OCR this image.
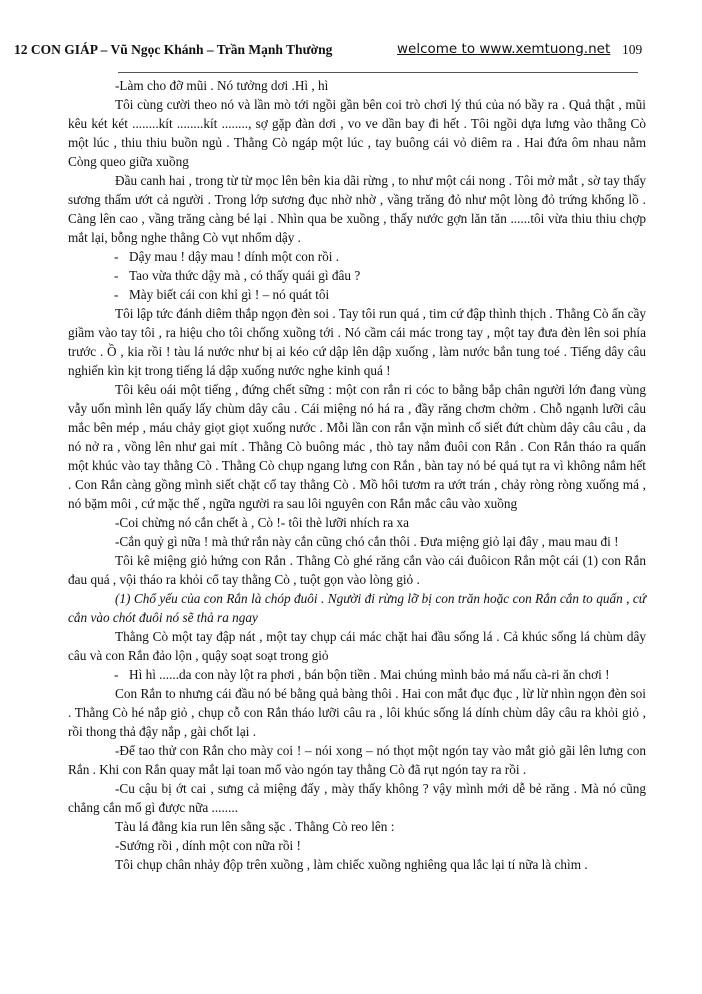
12 CON GIÁP – Vũ Ngọc Khánh – Trần Mạnh Thường	welcome to www.xemtuong.net 109

-Làm cho đỡ mũi . Nó tưởng dơi .Hì , hì

Tôi cùng cười theo nó và lần mò tới ngồi gần bên coi trò chơi lý thú của nó bầy ra . Quả thật , mũi kêu két két ........kít ........kít ........, sợ gặp đàn dơi , vo ve dần bay đi hết . Tôi ngồi dựa lưng vào thằng Cò một lúc , thiu thiu buồn ngủ . Thằng Cò ngáp một lúc , tay buông cái vỏ diêm ra . Hai đứa ôm nhau nằm Còng queo giữa xuồng

Đầu canh hai , trong từ từ mọc lên bên kia dãi rừng , to như một cái nong . Tôi mở mắt , sờ tay thấy sương thấm ướt cả người . Trong lớp sương đục nhờ nhờ , vầng trăng đỏ như một lòng đỏ trứng khổng lồ . Càng lên cao , vầng trăng càng bé lại . Nhìn qua be xuồng , thấy nước gợn lăn tăn ......tôi vừa thiu thiu chợp mắt lại, bỗng nghe thằng Cò vụt nhổm dậy .

- Dậy mau ! dậy mau ! dính một con rồi .

- Tao vừa thức dậy mà , có thấy quái gì đâu ?

- Mày biết cái con khỉ gì ! – nó quát tôi

Tôi lập tức đánh diêm thắp ngọn đèn soi . Tay tôi run quá , tim cứ đập thình thịch . Thằng Cò ấn cầy giầm vào tay tôi , ra hiệu cho tôi chống xuồng tới . Nó cầm cái mác trong tay , một tay đưa đèn lên soi phía trước . Ồ , kia rồi ! tàu lá nước như bị ai kéo cứ dập lên dập xuống , làm nước bắn tung toé . Tiếng dây câu nghiến kìn kịt trong tiếng lá dập xuống nước nghe kinh quá !

Tôi kêu oái một tiếng , đứng chết sững : một con rắn ri cóc to bằng bắp chân người lớn đang vùng vẫy uốn mình lên quấy lấy chùm dây câu . Cái miệng nó há ra , đầy răng chơm chởm . Chỗ ngạnh lưỡi câu mắc bên mép , máu chảy giọt giọt xuống nước . Mỗi lần con rắn vặn mình cố siết đứt chùm dây câu câu , da nó nở ra , vồng lên như gai mít . Thằng Cò buông mác , thò tay nắm đuôi con Rắn . Con Rắn tháo ra quấn một khúc vào tay thằng Cò . Thằng Cò chụp ngang lưng con Rắn , bàn tay nó bé quá tụt ra vì không nắm hết . Con Rắn càng gồng mình siết chặt cổ tay thằng Cò . Mồ hôi tươm ra ướt trán , chảy ròng ròng xuống má , nó bặm môi , cứ mặc thế , ngữa người ra sau lôi nguyên con Rắn mắc câu vào xuồng

-Coi chừng nó cắn chết à , Cò !- tôi thè lưỡi nhích ra xa

-Cắn quỷ gì nữa ! mà thứ rắn này cắn cũng chó cắn thôi . Đưa miệng giỏ lại đây , mau mau đi !

Tôi kê miệng giỏ hứng con Rắn . Thằng Cò ghé răng cắn vào cái đuôicon Rắn một cái (1) con Rắn đau quá , vội tháo ra khỏi cổ tay thằng Cò , tuột gọn vào lòng giỏ .

(1) Chổ yếu của con Rắn là chóp đuôi . Người đi rừng lỡ bị con trăn hoặc con Rắn cắn to quấn , cứ cắn vào chót đuôi nó sẽ thả ra ngay

Thằng Cò một tay đập nát , một tay chụp cái mác chặt hai đầu sống lá . Cả khúc sống lá chùm dây câu và con Rắn đảo lộn , quậy soạt soạt trong giỏ

- Hì hì ......da con này lột ra phơi , bán bộn tiền . Mai chúng mình bảo má nấu cà-ri ăn chơi !

Con Rắn to nhưng cái đầu nó bé bằng quả bàng thôi . Hai con mắt đục đục , lừ lừ nhìn ngọn đèn soi . Thằng Cò hé nắp giỏ , chụp cỗ con Rắn tháo lưỡi câu ra , lôi khúc sống lá dính chùm dây câu ra khỏi giỏ , rồi thong thả đậy nắp , gài chốt lại .

-Để tao thử con Rắn cho mày coi ! – nói xong – nó thọt một ngón tay vào mắt giỏ gãi lên lưng con Rắn . Khi con Rắn quay mắt lại toan mổ vào ngón tay thằng Cò đã rụt ngón tay ra rồi .

-Cu cậu bị ớt cai , sưng cả miệng đấy , mày thấy không ? vậy mình mới dễ bẻ răng . Mà nó cũng chẳng cắn mổ gì được nữa ........

Tàu lá đằng kia run lên sằng sặc . Thằng Cò reo lên :

-Sướng rồi , dính một con nữa rồi !

Tôi chụp chân nhảy độp trên xuồng , làm chiếc xuồng nghiêng qua lắc lại tí nữa là chìm .
